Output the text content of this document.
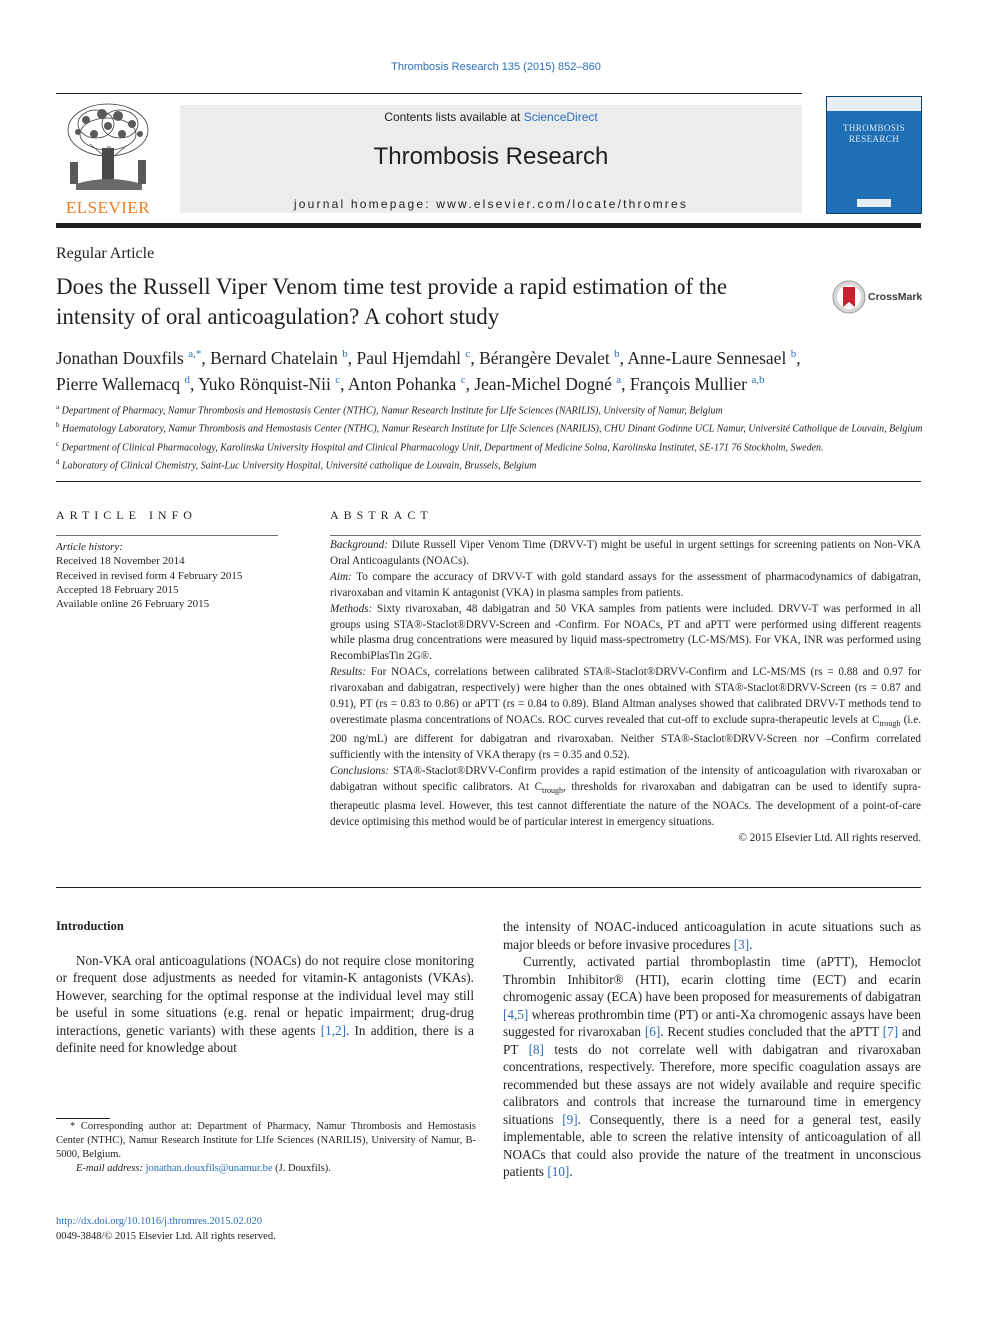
Thrombosis Research 135 (2015) 852–860
ELSEVIER
Contents lists available at ScienceDirect
Thrombosis Research
journal homepage: www.elsevier.com/locate/thromres
THROMBOSIS
RESEARCH
Regular Article
Does the Russell Viper Venom time test provide a rapid estimation of the intensity of oral anticoagulation? A cohort study
CrossMark
Jonathan Douxfils $^{a,*}$, Bernard Chatelain $^b$, Paul Hjemdahl $^c$, Bérangère Devalet $^b$, Anne-Laure Sennesael $^b$,
Pierre Wallemacq $^d$, Yuko Rönquist-Nii $^c$, Anton Pohanka $^c$, Jean-Michel Dogné $^a$, François Mullier $^{a,b}$
$^a$ Department of Pharmacy, Namur Thrombosis and Hemostasis Center (NTHC), Namur Research Institute for LIfe Sciences (NARILIS), University of Namur, Belgium
$^b$ Haematology Laboratory, Namur Thrombosis and Hemostasis Center (NTHC), Namur Research Institute for LIfe Sciences (NARILIS), CHU Dinant Godinne UCL Namur, Université Catholique de Louvain, Belgium
$^c$ Department of Clinical Pharmacology, Karolinska University Hospital and Clinical Pharmacology Unit, Department of Medicine Solna, Karolinska Institutet, SE-171 76 Stockholm, Sweden.
$^d$ Laboratory of Clinical Chemistry, Saint-Luc University Hospital, Université catholique de Louvain, Brussels, Belgium
ARTICLE INFO
Article history:
Received 18 November 2014
Received in revised form 4 February 2015
Accepted 18 February 2015
Available online 26 February 2015
ABSTRACT

Background: Dilute Russell Viper Venom Time (DRVV-T) might be useful in urgent settings for screening patients on Non-VKA Oral Anticoagulants (NOACs).

Aim: To compare the accuracy of DRVV-T with gold standard assays for the assessment of pharmacodynamics of dabigatran, rivaroxaban and vitamin K antagonist (VKA) in plasma samples from patients.

Methods: Sixty rivaroxaban, 48 dabigatran and 50 VKA samples from patients were included. DRVV-T was performed in all groups using STA®-Staclot®DRVV-Screen and -Confirm. For NOACs, PT and aPTT were performed using different reagents while plasma drug concentrations were measured by liquid mass-spectrometry (LC-MS/MS). For VKA, INR was performed using RecombiPlasTin 2G®.

Results: For NOACs, correlations between calibrated STA®-Staclot®DRVV-Confirm and LC-MS/MS (rs = 0.88 and 0.97 for rivaroxaban and dabigatran, respectively) were higher than the ones obtained with STA®-Staclot®DRVV-Screen (rs = 0.87 and 0.91), PT (rs = 0.83 to 0.86) or aPTT (rs = 0.84 to 0.89). Bland Altman analyses showed that calibrated DRVV-T methods tend to overestimate plasma concentrations of NOACs. ROC curves revealed that cut-off to exclude supra-therapeutic levels at $C_{trough}$ (i.e. 200 ng/mL) are different for dabigatran and rivaroxaban. Neither STA®-Staclot®DRVV-Screen nor –Confirm correlated sufficiently with the intensity of VKA therapy (rs = 0.35 and 0.52).

Conclusions: STA®-Staclot®DRVV-Confirm provides a rapid estimation of the intensity of anticoagulation with rivaroxaban or dabigatran without specific calibrators. At $C_{trough}$, thresholds for rivaroxaban and dabigatran can be used to identify supra-therapeutic plasma level. However, this test cannot differentiate the nature of the NOACs. The development of a point-of-care device optimising this method would be of particular interest in emergency situations.

© 2015 Elsevier Ltd. All rights reserved.

Introduction

Non-VKA oral anticoagulations (NOACs) do not require close monitoring or frequent dose adjustments as needed for vitamin-K antagonists (VKAs). However, searching for the optimal response at the individual level may still be useful in some situations (e.g. renal or hepatic impairment; drug-drug interactions, genetic variants) with these agents [1,2]. In addition, there is a definite need for knowledge about

* Corresponding author at: Department of Pharmacy, Namur Thrombosis and Hemostasis Center (NTHC), Namur Research Institute for LIfe Sciences (NARILIS), University of Namur, B-5000, Belgium.

E-mail address: jonathan.douxfils@unamur.be (J. Douxfils).

the intensity of NOAC-induced anticoagulation in acute situations such as major bleeds or before invasive procedures [3].

Currently, activated partial thromboplastin time (aPTT), Hemoclot Thrombin Inhibitor® (HTI), ecarin clotting time (ECT) and ecarin chromogenic assay (ECA) have been proposed for measurements of dabigatran [4,5] whereas prothrombin time (PT) or anti-Xa chromogenic assays have been suggested for rivaroxaban [6]. Recent studies concluded that the aPTT [7] and PT [8] tests do not correlate well with dabigatran and rivaroxaban concentrations, respectively. Therefore, more specific coagulation assays are recommended but these assays are not widely available and require specific calibrators and controls that increase the turnaround time in emergency situations [9]. Consequently, there is a need for a general test, easily implementable, able to screen the relative intensity of anticoagulation of all NOACs that could also provide the nature of the treatment in unconscious patients [10].

http://dx.doi.org/10.1016/j.thromres.2015.02.020
0049-3848/© 2015 Elsevier Ltd. All rights reserved.
